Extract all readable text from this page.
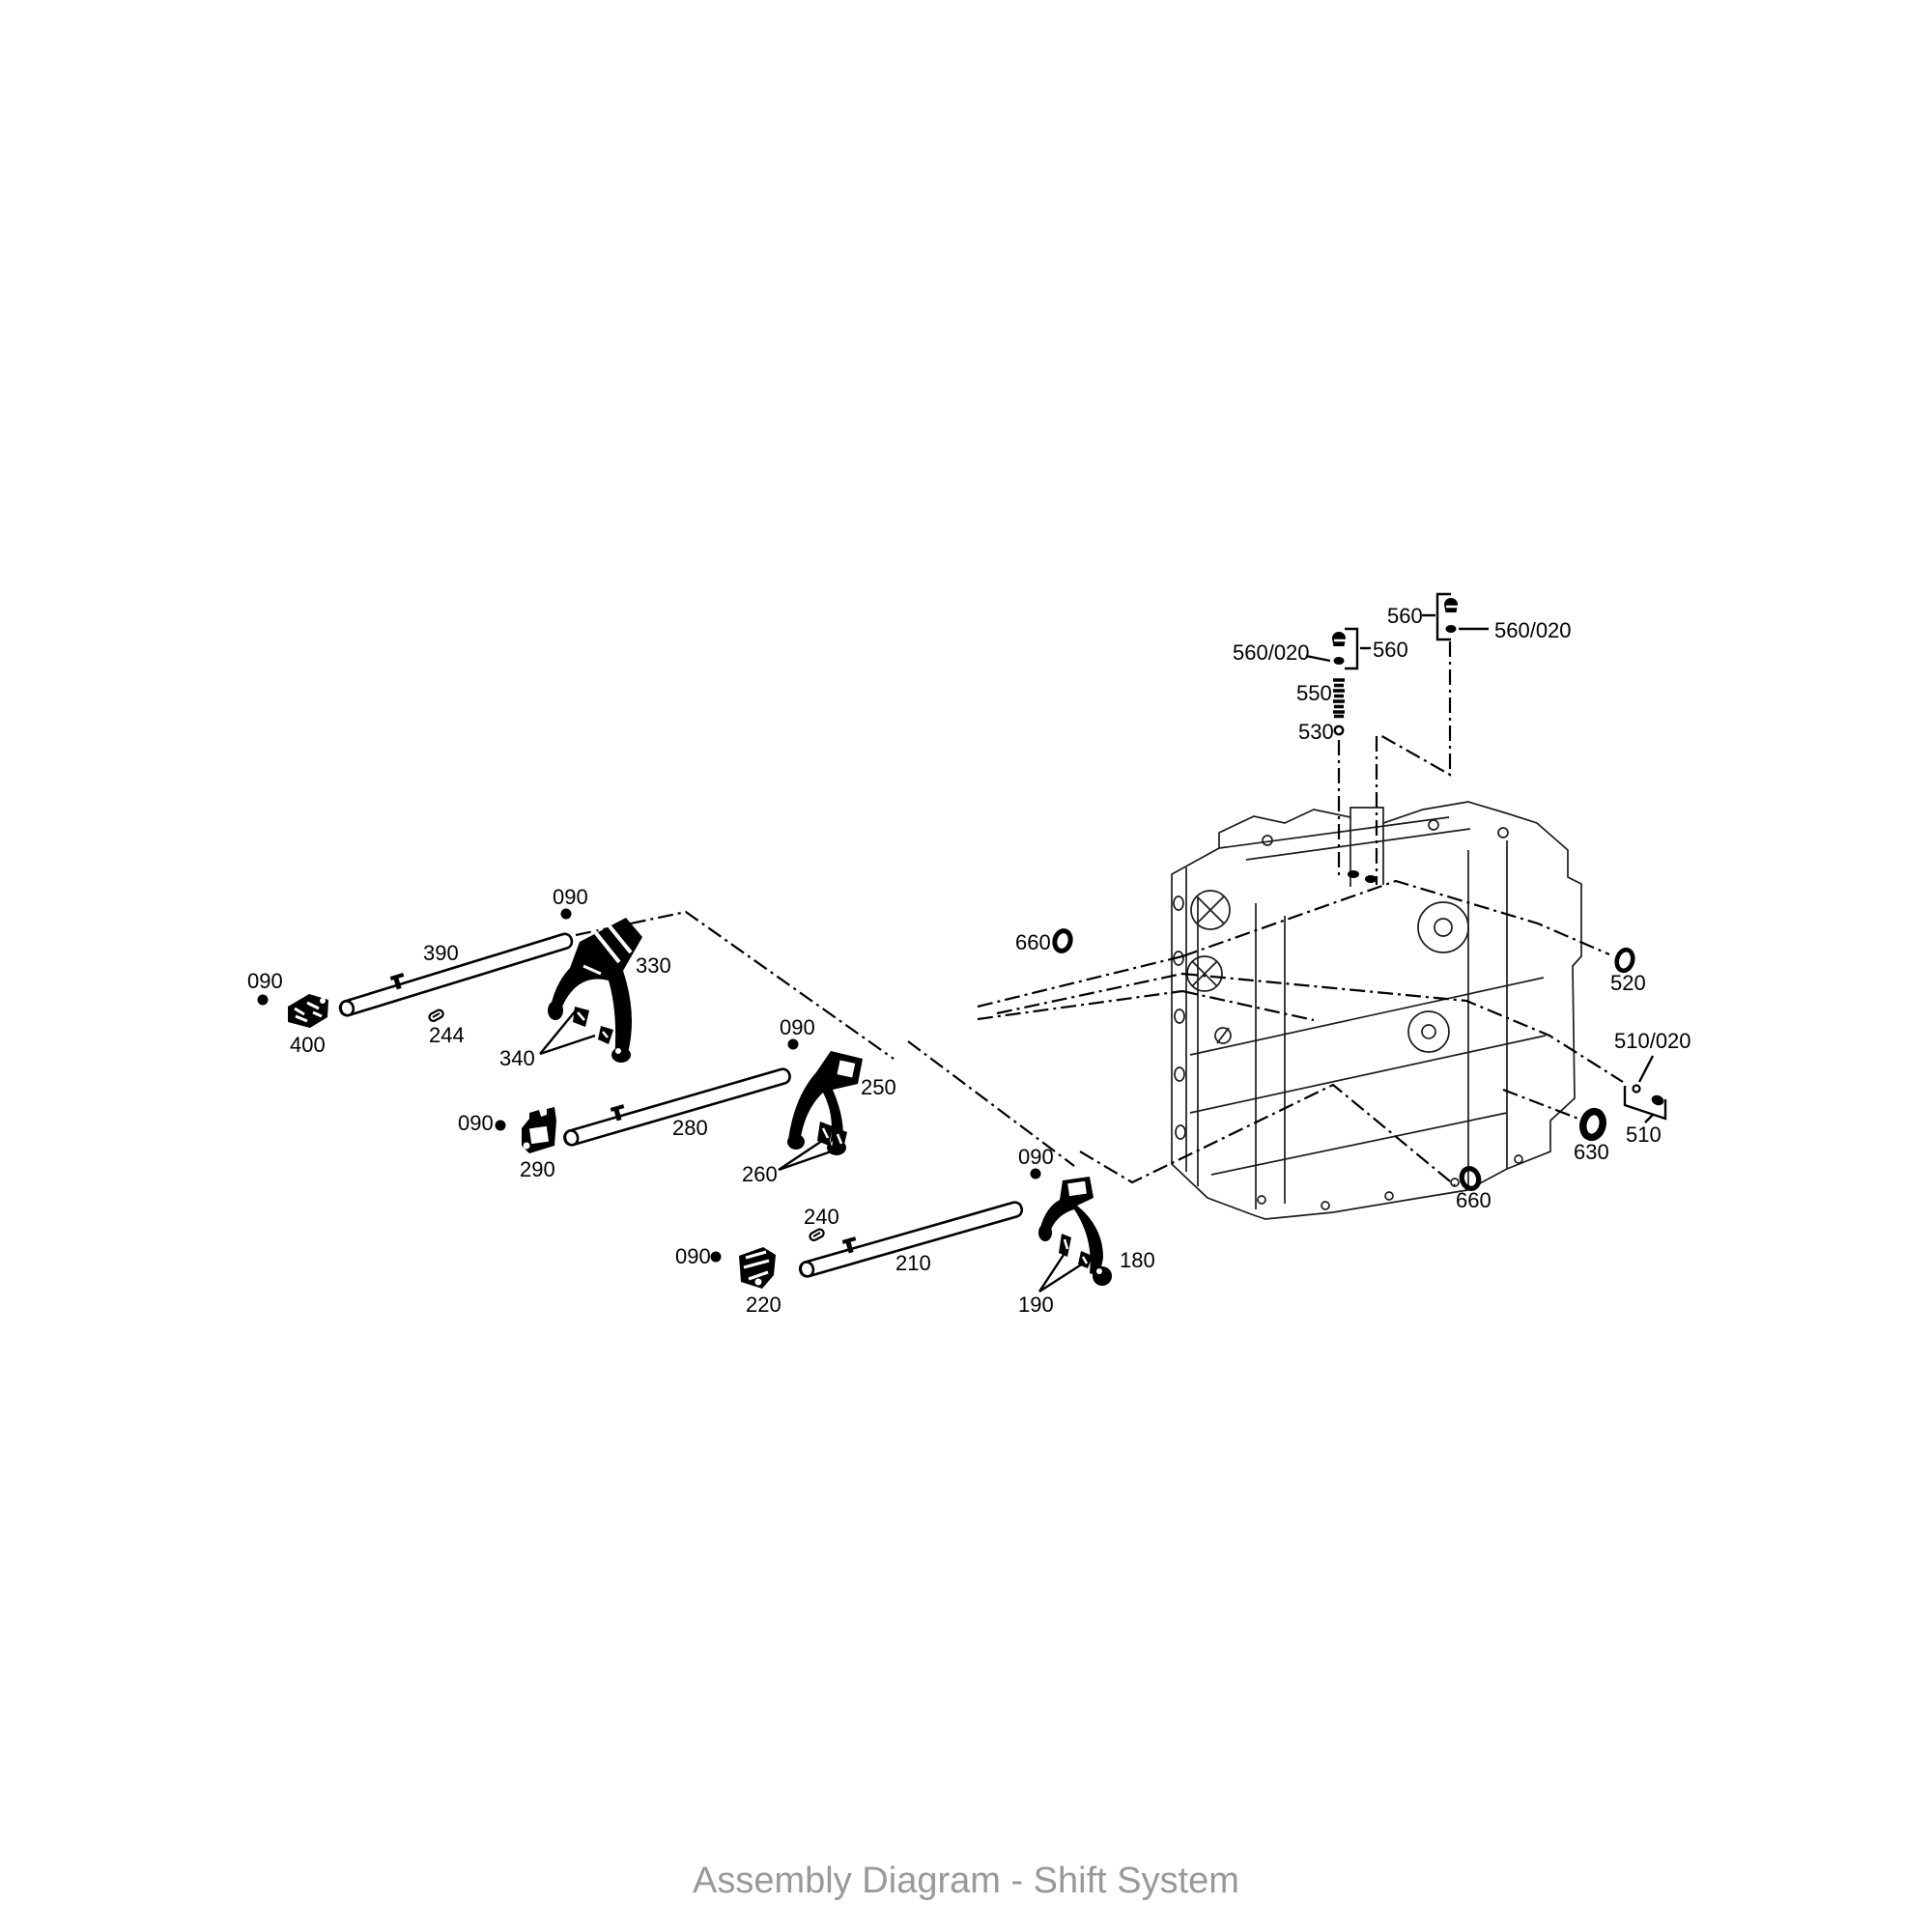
090
390
330
090
400	244
340
090
250
280
090
290	260
240
090	210
220
090
180
190
660
520
510/020
510
630
660
560
560/020
560/020	560
550
530
Assembly Diagram - Shift System
